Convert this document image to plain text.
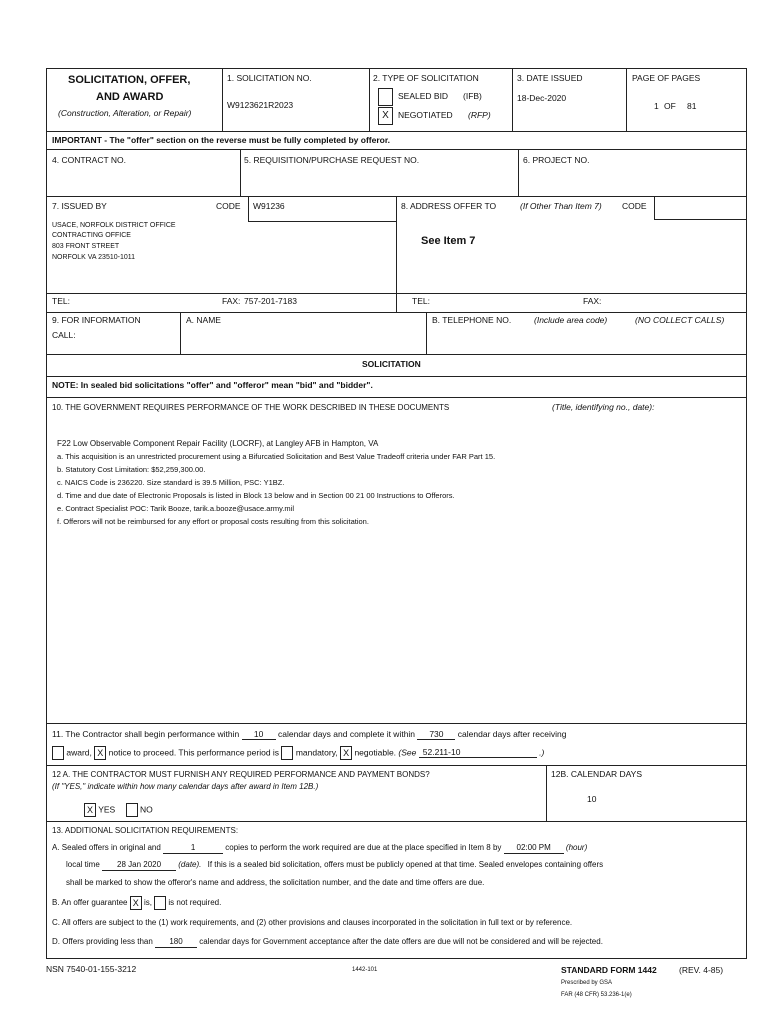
SOLICITATION, OFFER,
AND AWARD
(Construction, Alteration, or Repair)
1. SOLICITATION NO.
W9123621R2023
2. TYPE OF SOLICITATION
SEALED BID (IFB)
X	NEGOTIATED (RFP)
3. DATE ISSUED
18-Dec-2020
PAGE OF PAGES
1 OF 81
IMPORTANT - The "offer" section on the reverse must be fully completed by offeror.
4. CONTRACT NO.	5. REQUISITION/PURCHASE REQUEST NO.	6. PROJECT NO.
7. ISSUED BY	CODE W91236
USACE, NORFOLK DISTRICT OFFICE
CONTRACTING OFFICE
803 FRONT STREET
NORFOLK VA 23510-1011
TEL:	FAX: 757-201-7183
8. ADDRESS OFFER TO	(If Other Than Item 7) CODE
See Item 7
TEL:	FAX:
9. FOR INFORMATION
CALL:
A. NAME	B. TELEPHONE NO.	(Include area code)	(NO COLLECT CALLS)
SOLICITATION
NOTE: In sealed bid solicitations "offer" and "offeror" mean "bid" and "bidder".
10. THE GOVERNMENT REQUIRES PERFORMANCE OF THE WORK DESCRIBED IN THESE DOCUMENTS	(Title, identifying no., date):
F22 Low Observable Component Repair Facility (LOCRF), at Langley AFB in Hampton, VA
a. This acquisition is an unrestricted procurement using a Bifurcatied Solicitation and Best Value Tradeoff criteria under FAR Part 15.
b. Statutory Cost Limitation: $52,259,300.00.
c. NAICS Code is 236220. Size standard is 39.5 Million, PSC: Y1BZ.
d. Time and due date of Electronic Proposals is listed in Block 13 below and in Section 00 21 00 Instructions to Offerors.
e. Contract Specialist POC: Tarik Booze, tarik.a.booze@usace.army.mil
f. Offerors will not be reimbursed for any effort or proposal costs resulting from this solicitation.
11. The Contractor shall begin performance within 10 calendar days and complete it within 730 calendar days after receiving
award, X notice to proceed. This performance period is mandatory, X negotiable. (See 52.211-10	.)
12 A. THE CONTRACTOR MUST FURNISH ANY REQUIRED PERFORMANCE AND PAYMENT BONDS?
(If "YES," indicate within how many calendar days after award in Item 12B.)
X YES	NO
12B. CALENDAR DAYS
10
13. ADDITIONAL SOLICITATION REQUIREMENTS:
A. Sealed offers in original and	1	copies to perform the work required are due at the place specified in Item 8 by 02:00 PM (hour)
local time 28 Jan 2020 (date). If this is a sealed bid solicitation, offers must be publicly opened at that time. Sealed envelopes containing offers
shall be marked to show the offeror's name and address, the solicitation number, and the date and time offers are due.
B. An offer guarantee X is, is not required.
C. All offers are subject to the (1) work requirements, and (2) other provisions and clauses incorporated in the solicitation in full text or by reference.
D. Offers providing less than 180 calendar days for Government acceptance after the date offers are due will not be considered and will be rejected.
NSN 7540-01-155-3212	1442-101	STANDARD FORM 1442	(REV. 4-85)
Prescribed by GSA
FAR (48 CFR) 53.236-1(e)
